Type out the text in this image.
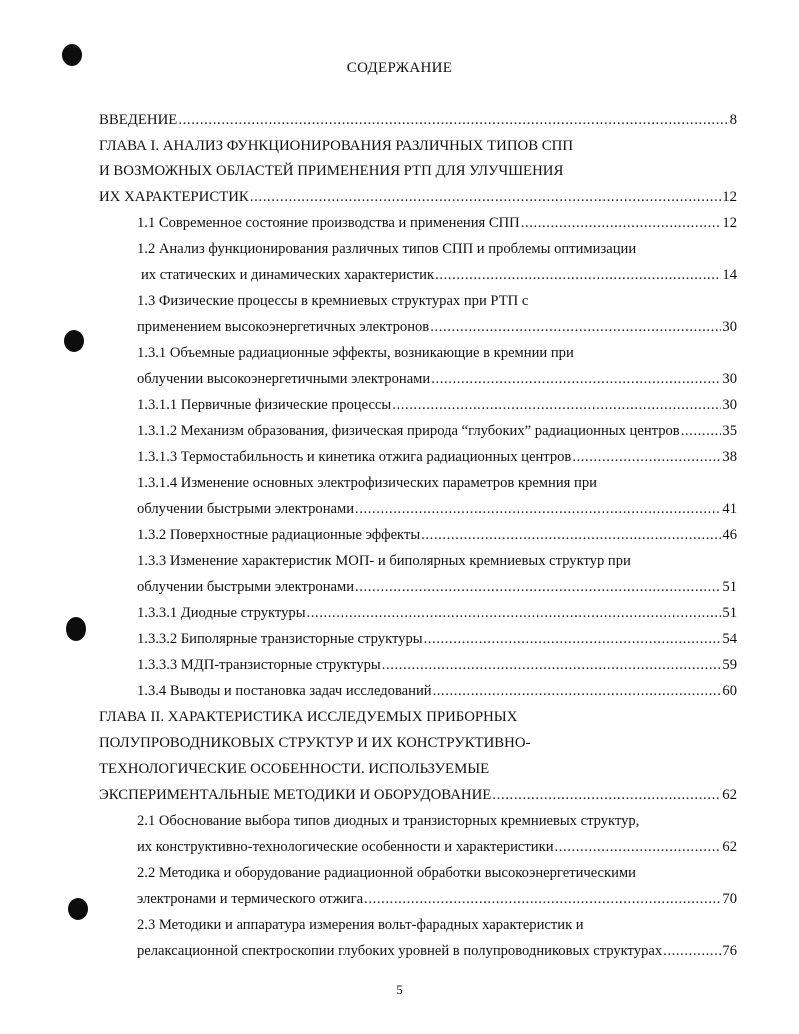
СОДЕРЖАНИЕ
ВВЕДЕНИЕ .....	8
ГЛАВА I. АНАЛИЗ ФУНКЦИОНИРОВАНИЯ РАЗЛИЧНЫХ ТИПОВ СПП
И ВОЗМОЖНЫХ ОБЛАСТЕЙ ПРИМЕНЕНИЯ РТП ДЛЯ УЛУЧШЕНИЯ
ИХ ХАРАКТЕРИСТИК .....	12
1.1 Современное состояние производства и применения СПП .....	12
1.2 Анализ функционирования различных типов СПП и проблемы оптимизации
их статических и динамических характеристик .....	14
1.3 Физические процессы в кремниевых структурах при РТП с
применением высокоэнергетичных электронов .....	30
1.3.1 Объемные радиационные эффекты, возникающие в кремнии при
облучении высокоэнергетичными электронами .....	30
1.3.1.1 Первичные физические процессы .....	30
1.3.1.2 Механизм образования, физическая природа “глубоких” радиационных центров .....	35
1.3.1.3 Термостабильность и кинетика отжига радиационных центров .....	38
1.3.1.4 Изменение основных электрофизических параметров кремния при
облучении быстрыми электронами .....	41
1.3.2 Поверхностные радиационные эффекты .....	46
1.3.3 Изменение характеристик МОП- и биполярных кремниевых структур при
облучении быстрыми электронами .....	51
1.3.3.1 Диодные структуры .....	51
1.3.3.2 Биполярные транзисторные структуры .....	54
1.3.3.3 МДП-транзисторные структуры .....	59
1.3.4 Выводы и постановка задач исследований .....	60
ГЛАВА II. ХАРАКТЕРИСТИКА ИССЛЕДУЕМЫХ ПРИБОРНЫХ
ПОЛУПРОВОДНИКОВЫХ СТРУКТУР И ИХ КОНСТРУКТИВНО-
ТЕХНОЛОГИЧЕСКИЕ ОСОБЕННОСТИ. ИСПОЛЬЗУЕМЫЕ
ЭКСПЕРИМЕНТАЛЬНЫЕ МЕТОДИКИ И ОБОРУДОВАНИЕ .....	62
2.1 Обоснование выбора типов диодных и транзисторных кремниевых структур,
их конструктивно-технологические особенности и характеристики .....	62
2.2 Методика и оборудование радиационной обработки высокоэнергетическими
электронами и термического отжига .....	70
2.3 Методики и аппаратура измерения вольт-фарадных характеристик и
релаксационной спектроскопии глубоких уровней в полупроводниковых структурах .....	76
5
